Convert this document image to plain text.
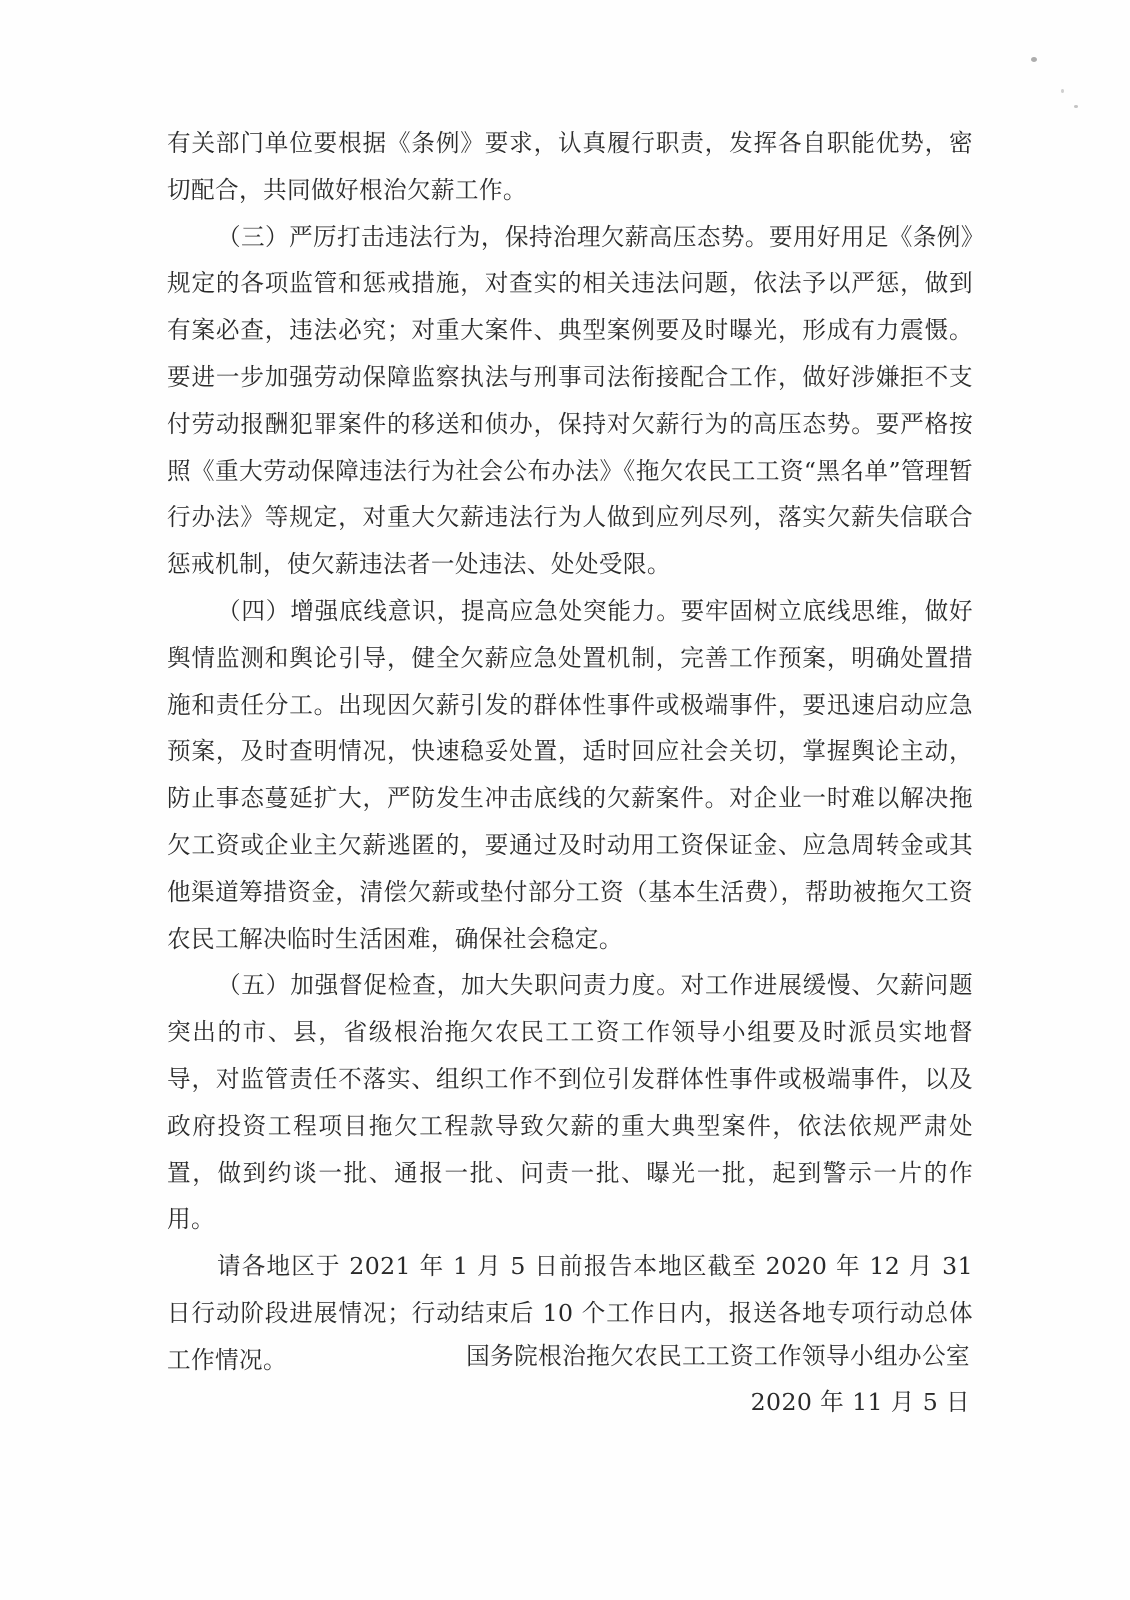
有关部门单位要根据《条例》要求，认真履行职责，发挥各自职能优势，密切配合，共同做好根治欠薪工作。

（三）严厉打击违法行为，保持治理欠薪高压态势。要用好用足《条例》规定的各项监管和惩戒措施，对查实的相关违法问题，依法予以严惩，做到有案必查，违法必究；对重大案件、典型案例要及时曝光，形成有力震慑。要进一步加强劳动保障监察执法与刑事司法衔接配合工作，做好涉嫌拒不支付劳动报酬犯罪案件的移送和侦办，保持对欠薪行为的高压态势。要严格按照《重大劳动保障违法行为社会公布办法》《拖欠农民工工资“黑名单”管理暂行办法》等规定，对重大欠薪违法行为人做到应列尽列，落实欠薪失信联合惩戒机制，使欠薪违法者一处违法、处处受限。

（四）增强底线意识，提高应急处突能力。要牢固树立底线思维，做好舆情监测和舆论引导，健全欠薪应急处置机制，完善工作预案，明确处置措施和责任分工。出现因欠薪引发的群体性事件或极端事件，要迅速启动应急预案，及时查明情况，快速稳妥处置，适时回应社会关切，掌握舆论主动，防止事态蔓延扩大，严防发生冲击底线的欠薪案件。对企业一时难以解决拖欠工资或企业主欠薪逃匿的，要通过及时动用工资保证金、应急周转金或其他渠道筹措资金，清偿欠薪或垫付部分工资（基本生活费），帮助被拖欠工资农民工解决临时生活困难，确保社会稳定。

（五）加强督促检查，加大失职问责力度。对工作进展缓慢、欠薪问题突出的市、县，省级根治拖欠农民工工资工作领导小组要及时派员实地督导，对监管责任不落实、组织工作不到位引发群体性事件或极端事件，以及政府投资工程项目拖欠工程款导致欠薪的重大典型案件，依法依规严肃处置，做到约谈一批、通报一批、问责一批、曝光一批，起到警示一片的作用。

请各地区于 2021 年 1 月 5 日前报告本地区截至 2020 年 12 月 31 日行动阶段进展情况；行动结束后 10 个工作日内，报送各地专项行动总体工作情况。	国务院根治拖欠农民工工资工作领导小组办公室

2020 年 11 月 5 日
